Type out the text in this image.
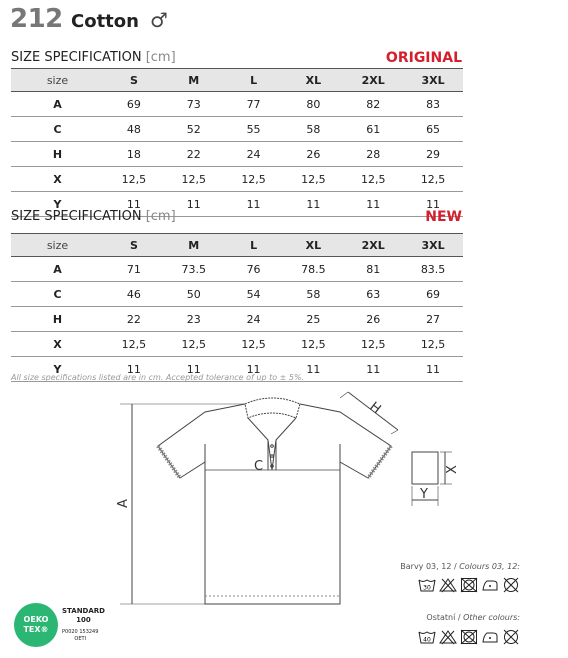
212 Cotton ♂
SIZE SPECIFICATION [cm]	ORIGINAL
size	S	M	L	XL	2XL	3XL
A	69	73	77	80	82	83
C	48	52	55	58	61	65
H	18	22	24	26	28	29
X	12,5	12,5	12,5	12,5	12,5	12,5
Y	11	11	11	11	11	11
SIZE SPECIFICATION [cm]	NEW
size	S	M	L	XL	2XL	3XL
A	71	73.5	76	78.5	81	83.5
C	46	50	54	58	63	69
H	22	23	24	25	26	27
X	12,5	12,5	12,5	12,5	12,5	12,5
Y	11	11	11	11	11	11
All size specifications listed are in cm. Accepted tolerance of up to ± 5%.
A
C
H
X
Y
Barvy 03, 12 / Colours 03, 12:
30
Ostatní / Other colours:
40
OEKO
TEX®
STANDARD
100
P0020 153249
OETI
